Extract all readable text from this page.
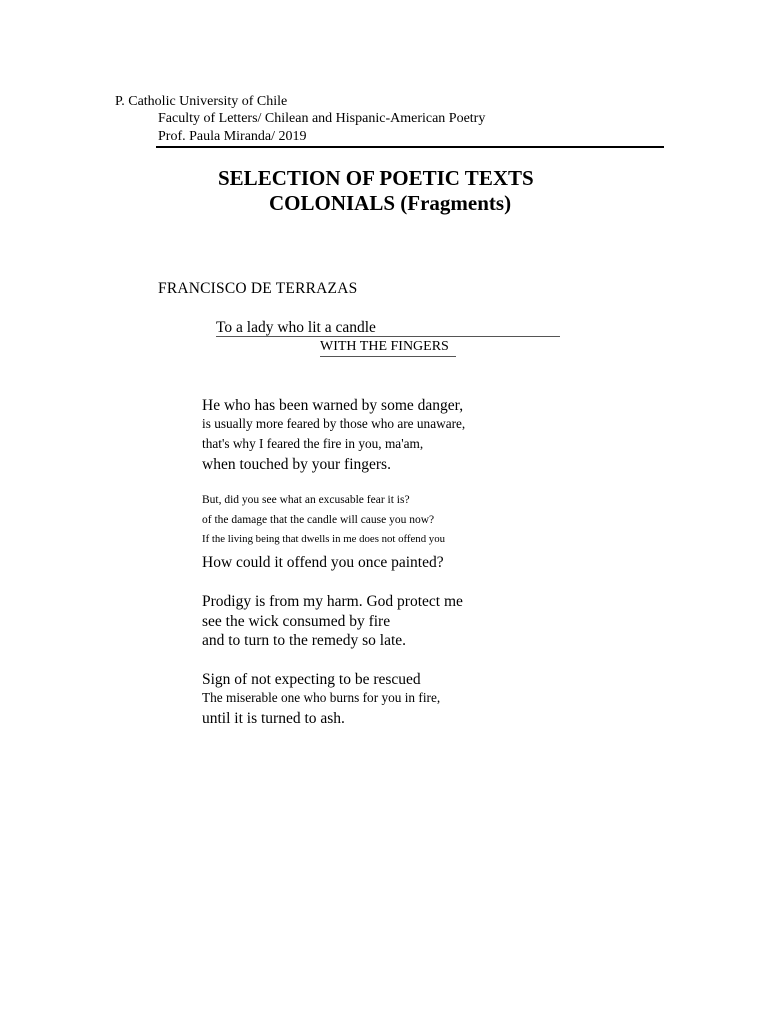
P. Catholic University of Chile
Faculty of Letters/ Chilean and Hispanic-American Poetry
Prof. Paula Miranda/ 2019
SELECTION OF POETIC TEXTS
COLONIALS (Fragments)
FRANCISCO DE TERRAZAS
To a lady who lit a candle
WITH THE FINGERS
He who has been warned by some danger,
is usually more feared by those who are unaware,
that's why I feared the fire in you, ma'am,
when touched by your fingers.
But, did you see what an excusable fear it is?
of the damage that the candle will cause you now?
If the living being that dwells in me does not offend you
How could it offend you once painted?
Prodigy is from my harm. God protect me
see the wick consumed by fire
and to turn to the remedy so late.
Sign of not expecting to be rescued
The miserable one who burns for you in fire,
until it is turned to ash.
